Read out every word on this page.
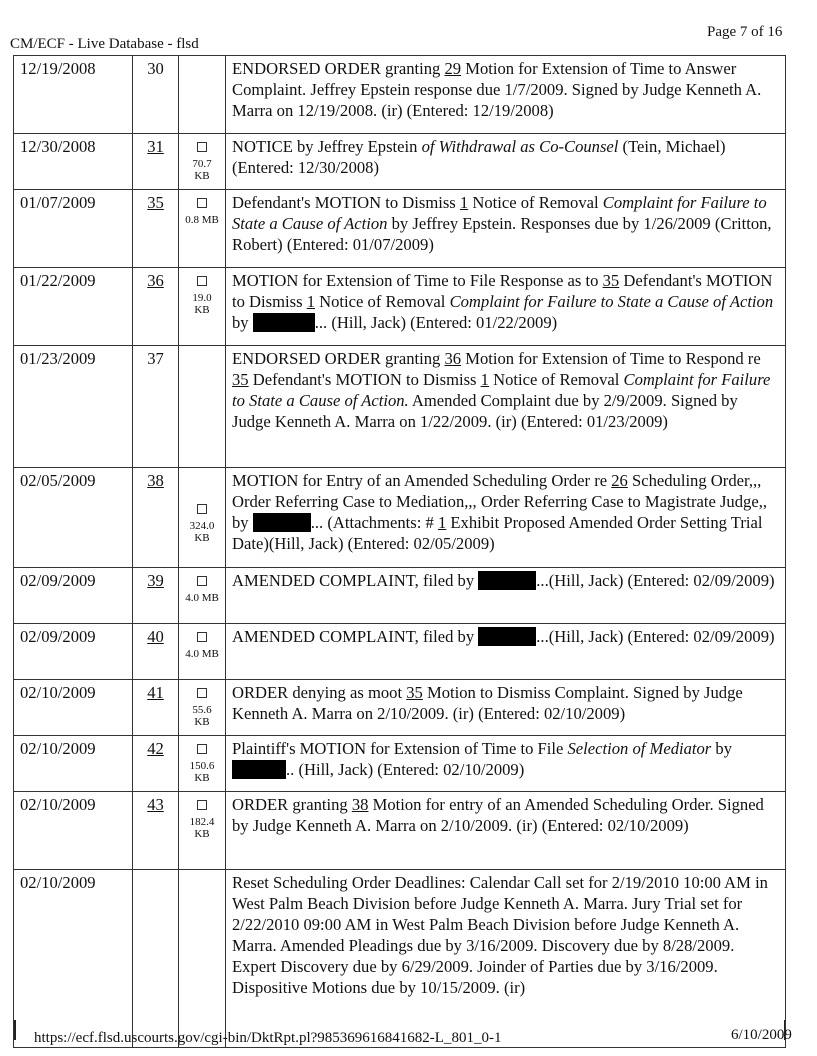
CM/ECF - Live Database - flsd
Page 7 of 16
12/19/2008	30		ENDORSED ORDER granting 29 Motion for Extension of Time to Answer Complaint. Jeffrey Epstein response due 1/7/2009. Signed by Judge Kenneth A. Marra on 12/19/2008. (ir) (Entered: 12/19/2008)
12/30/2008	31	70.7 KB	NOTICE by Jeffrey Epstein of Withdrawal as Co-Counsel (Tein, Michael) (Entered: 12/30/2008)
01/07/2009	35	0.8 MB	Defendant's MOTION to Dismiss 1 Notice of Removal Complaint for Failure to State a Cause of Action by Jeffrey Epstein. Responses due by 1/26/2009 (Critton, Robert) (Entered: 01/07/2009)
01/22/2009	36	19.0 KB	MOTION for Extension of Time to File Response as to 35 Defendant's MOTION to Dismiss 1 Notice of Removal Complaint for Failure to State a Cause of Action by ... (Hill, Jack) (Entered: 01/22/2009)
01/23/2009	37		ENDORSED ORDER granting 36 Motion for Extension of Time to Respond re 35 Defendant's MOTION to Dismiss 1 Notice of Removal Complaint for Failure to State a Cause of Action. Amended Complaint due by 2/9/2009. Signed by Judge Kenneth A. Marra on 1/22/2009. (ir) (Entered: 01/23/2009)
02/05/2009	38	324.0 KB	MOTION for Entry of an Amended Scheduling Order re 26 Scheduling Order,,, Order Referring Case to Mediation,,, Order Referring Case to Magistrate Judge,, by ... (Attachments: # 1 Exhibit Proposed Amended Order Setting Trial Date)(Hill, Jack) (Entered: 02/05/2009)
02/09/2009	39	4.0 MB	AMENDED COMPLAINT, filed by ...(Hill, Jack) (Entered: 02/09/2009)
02/09/2009	40	4.0 MB	AMENDED COMPLAINT, filed by ...(Hill, Jack) (Entered: 02/09/2009)
02/10/2009	41	55.6 KB	ORDER denying as moot 35 Motion to Dismiss Complaint. Signed by Judge Kenneth A. Marra on 2/10/2009. (ir) (Entered: 02/10/2009)
02/10/2009	42	150.6 KB	Plaintiff's MOTION for Extension of Time to File Selection of Mediator by .. (Hill, Jack) (Entered: 02/10/2009)
02/10/2009	43	182.4 KB	ORDER granting 38 Motion for entry of an Amended Scheduling Order. Signed by Judge Kenneth A. Marra on 2/10/2009. (ir) (Entered: 02/10/2009)
02/10/2009			Reset Scheduling Order Deadlines: Calendar Call set for 2/19/2010 10:00 AM in West Palm Beach Division before Judge Kenneth A. Marra. Jury Trial set for 2/22/2010 09:00 AM in West Palm Beach Division before Judge Kenneth A. Marra. Amended Pleadings due by 3/16/2009. Discovery due by 8/28/2009. Expert Discovery due by 6/29/2009. Joinder of Parties due by 3/16/2009. Dispositive Motions due by 10/15/2009. (ir)
https://ecf.flsd.uscourts.gov/cgi-bin/DktRpt.pl?985369616841682-L_801_0-1	6/10/2009
